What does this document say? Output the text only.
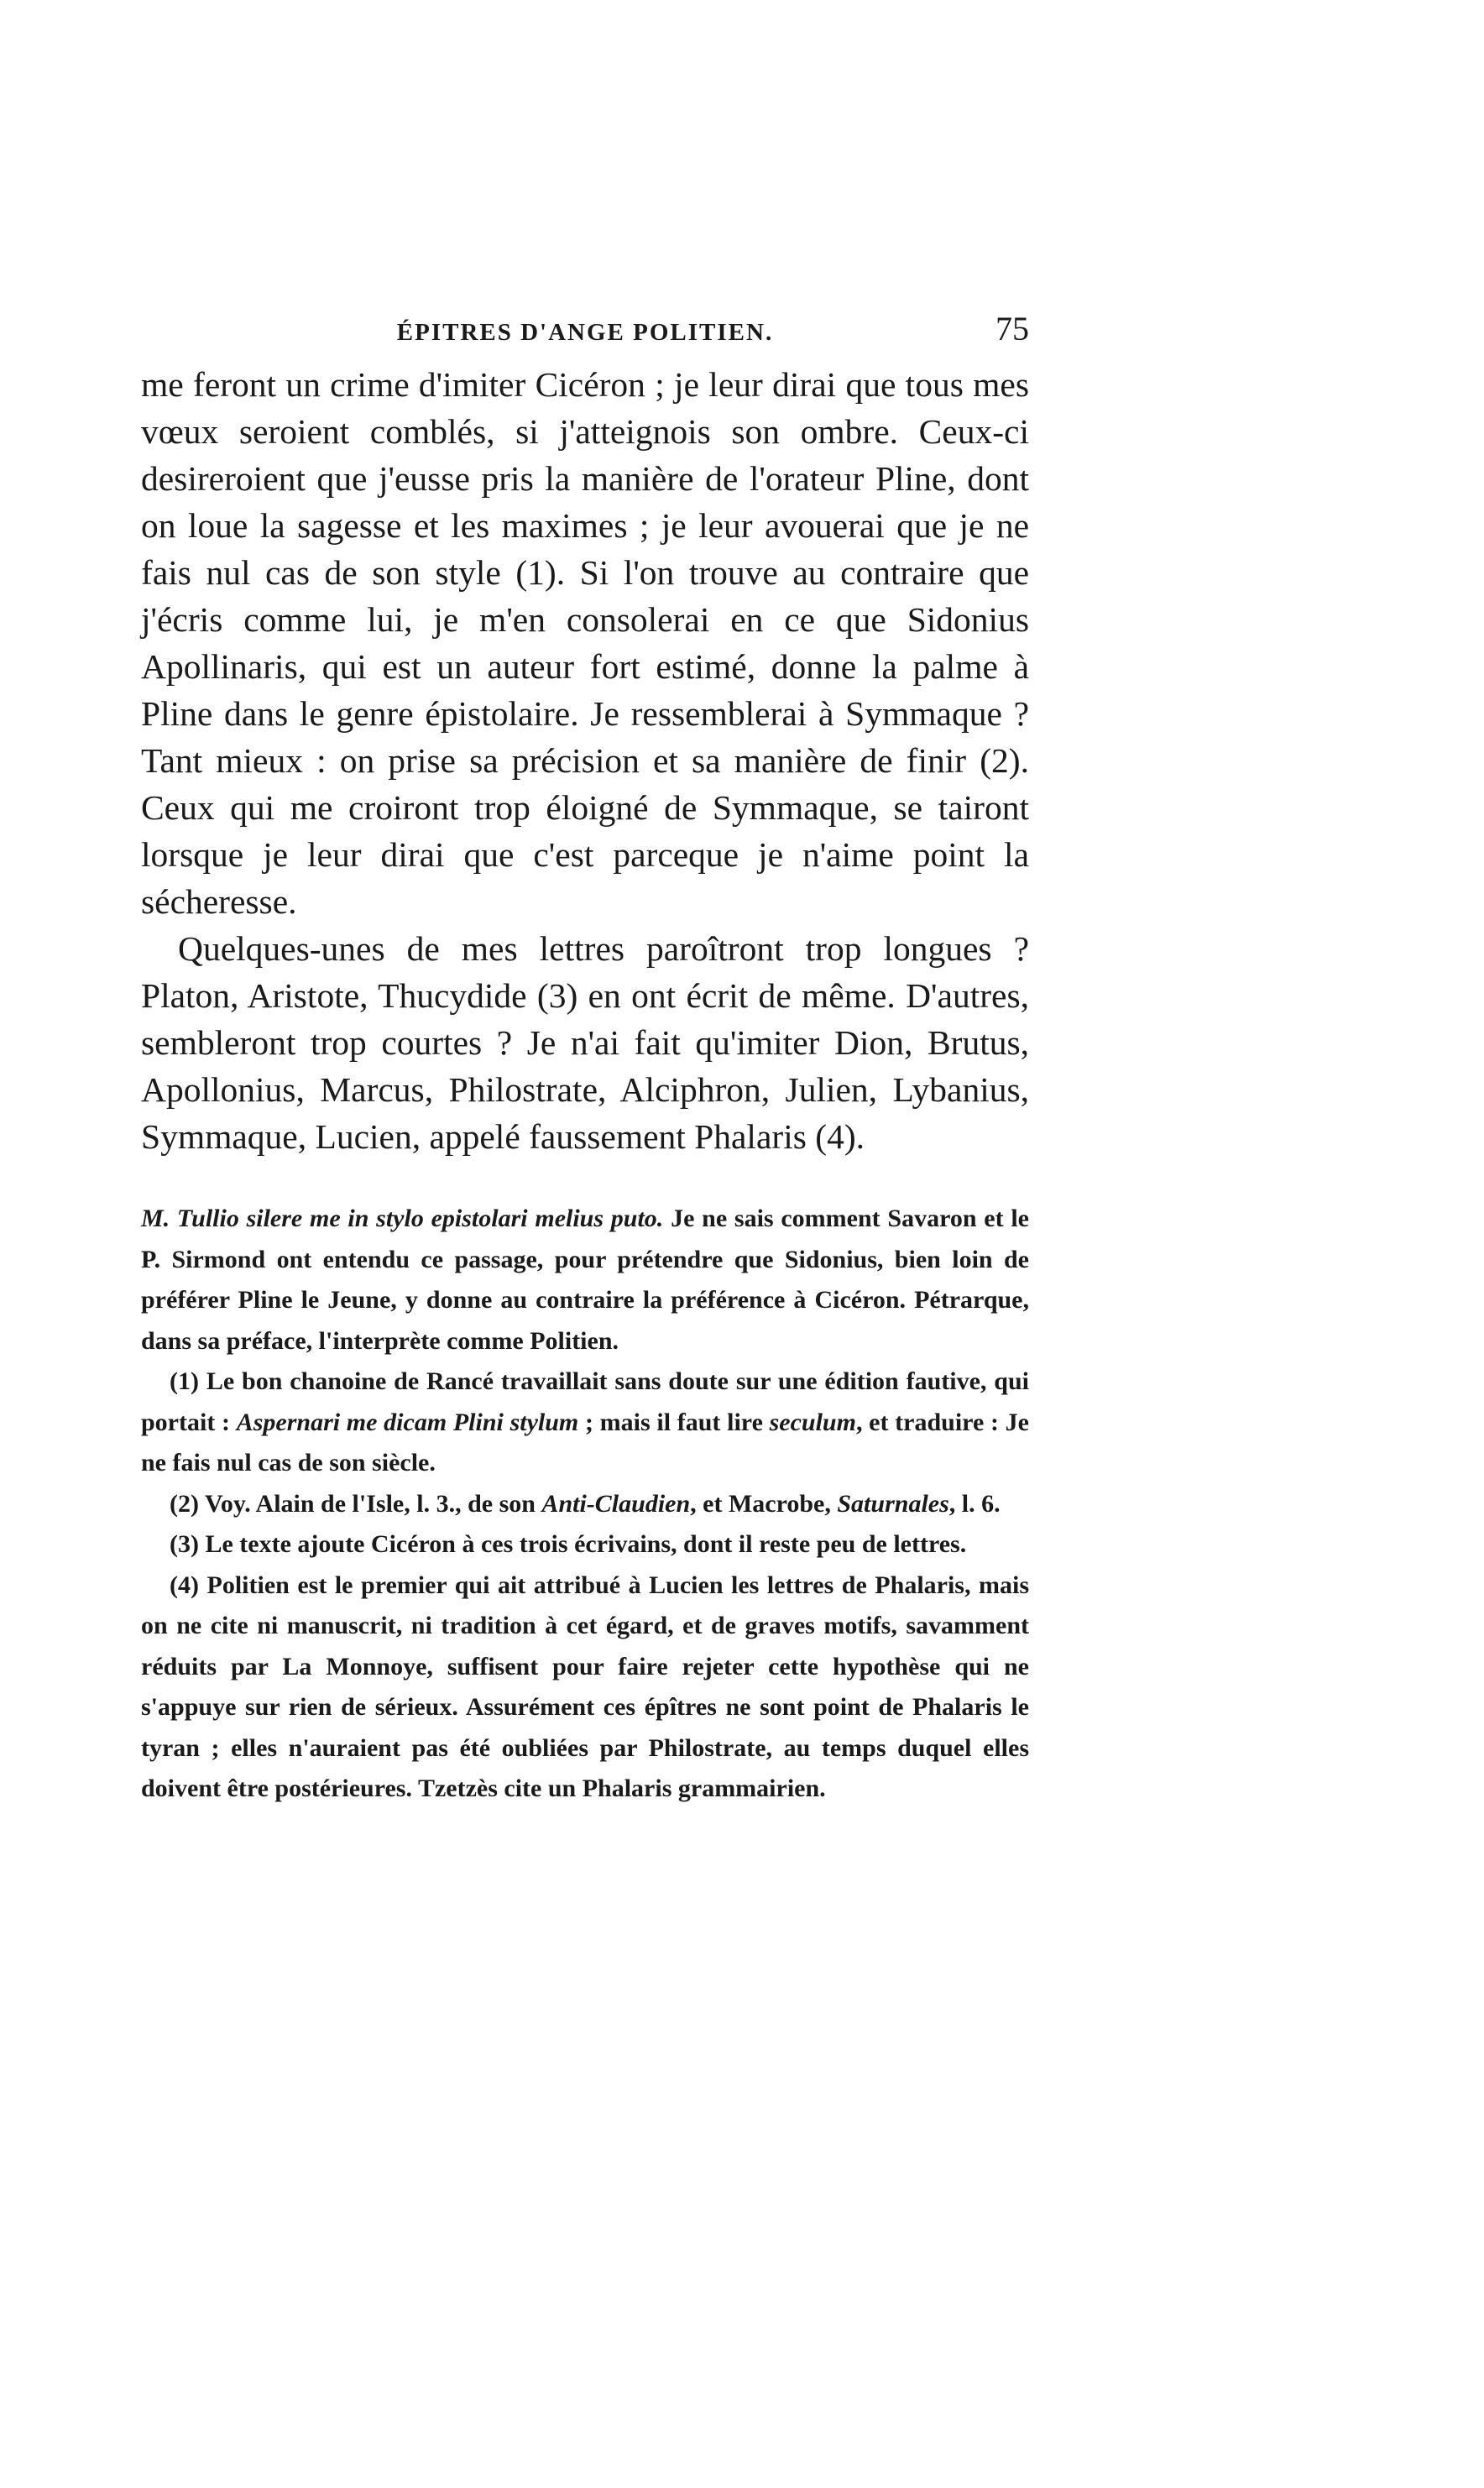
ÉPITRES D'ANGE POLITIEN.	75

me feront un crime d'imiter Cicéron ; je leur dirai que tous mes vœux seroient comblés, si j'atteignois son ombre. Ceux-ci desireroient que j'eusse pris la manière de l'orateur Pline, dont on loue la sagesse et les maximes ; je leur avouerai que je ne fais nul cas de son style (1). Si l'on trouve au contraire que j'écris comme lui, je m'en consolerai en ce que Sidonius Apollinaris, qui est un auteur fort estimé, donne la palme à Pline dans le genre épistolaire. Je ressemblerai à Symmaque ? Tant mieux : on prise sa précision et sa manière de finir (2). Ceux qui me croiront trop éloigné de Symmaque, se tairont lorsque je leur dirai que c'est parceque je n'aime point la sécheresse.

Quelques-unes de mes lettres paroîtront trop longues ? Platon, Aristote, Thucydide (3) en ont écrit de même. D'autres, sembleront trop courtes ? Je n'ai fait qu'imiter Dion, Brutus, Apollonius, Marcus, Philostrate, Alciphron, Julien, Lybanius, Symmaque, Lucien, appelé faussement Phalaris (4).

M. Tullio silere me in stylo epistolari melius puto. Je ne sais comment Savaron et le P. Sirmond ont entendu ce passage, pour prétendre que Sidonius, bien loin de préférer Pline le Jeune, y donne au contraire la préférence à Cicéron. Pétrarque, dans sa préface, l'interprète comme Politien.

(1) Le bon chanoine de Rancé travaillait sans doute sur une édition fautive, qui portait : Aspernari me dicam Plini stylum ; mais il faut lire seculum, et traduire : Je ne fais nul cas de son siècle.

(2) Voy. Alain de l'Isle, l. 3., de son Anti-Claudien, et Macrobe, Saturnales, l. 6.

(3) Le texte ajoute Cicéron à ces trois écrivains, dont il reste peu de lettres.

(4) Politien est le premier qui ait attribué à Lucien les lettres de Phalaris, mais on ne cite ni manuscrit, ni tradition à cet égard, et de graves motifs, savamment réduits par La Monnoye, suffisent pour faire rejeter cette hypothèse qui ne s'appuye sur rien de sérieux. Assurément ces épîtres ne sont point de Phalaris le tyran ; elles n'auraient pas été oubliées par Philostrate, au temps duquel elles doivent être postérieures. Tzetzès cite un Phalaris grammairien.
